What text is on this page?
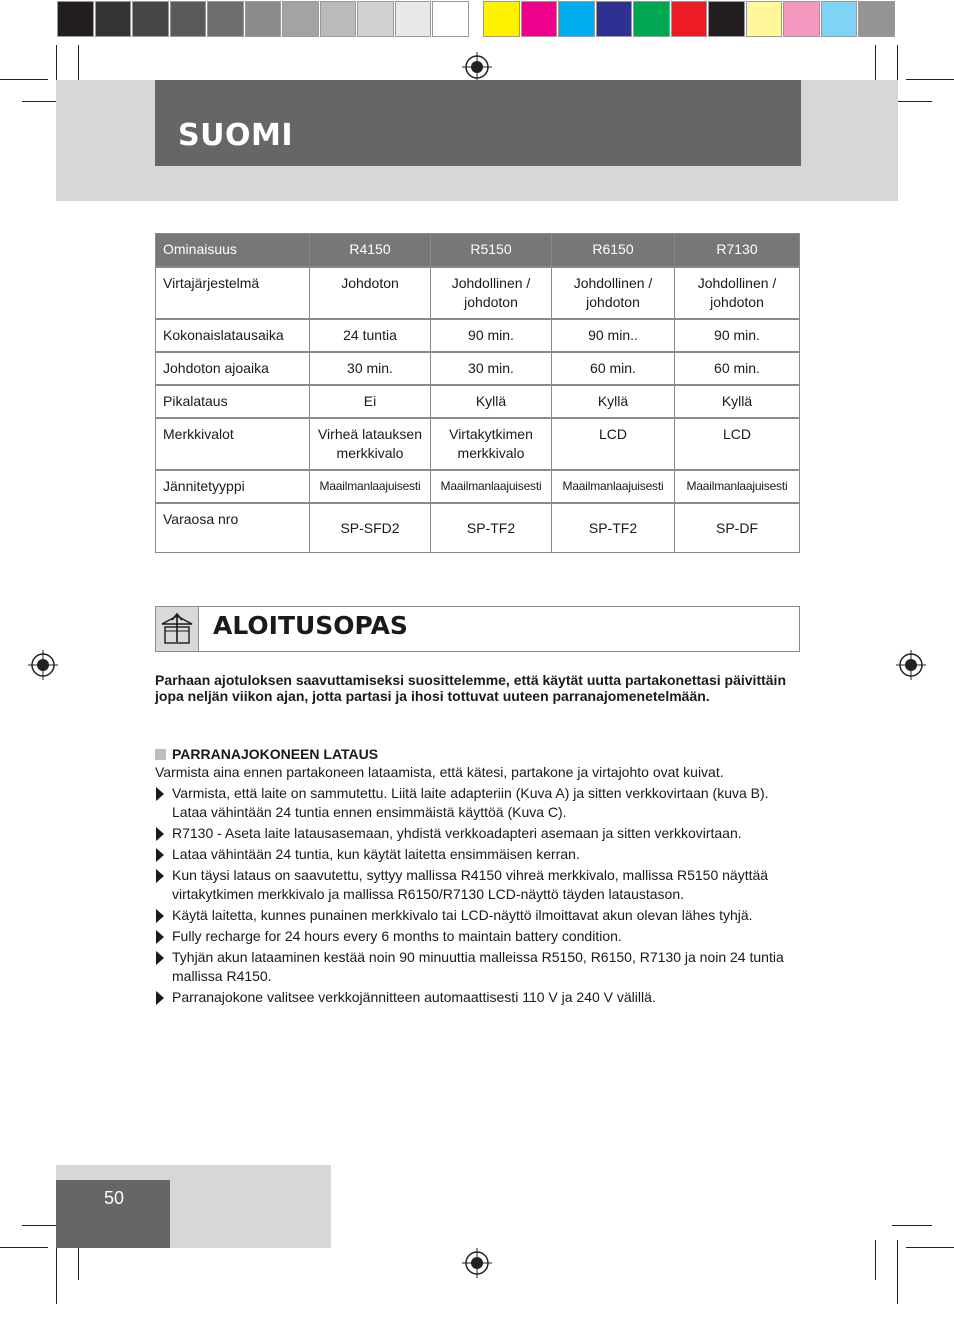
SUOMI
Ominaisuus	R4150	R5150	R6150	R7130
Virtajärjestelmä	Johdoton	Johdollinen / johdoton	Johdollinen / johdoton	Johdollinen / johdoton
Kokonaislatausaika	24 tuntia	90 min.	90 min..	90 min.
Johdoton ajoaika	30 min.	30 min.	60 min.	60 min.
Pikalataus	Ei	Kyllä	Kyllä	Kyllä
Merkkivalot	Virheä latauksen merkkivalo	Virtakytkimen merkkivalo	LCD	LCD
Jännitetyyppi	Maailmanlaajuisesti	Maailmanlaajuisesti	Maailmanlaajuisesti	Maailmanlaajuisesti
Varaosa nro	SP-SFD2	SP-TF2	SP-TF2	SP-DF
ALOITUSOPAS

Parhaan ajotuloksen saavuttamiseksi suosittelemme, että käytät uutta partakonettasi päivittäin jopa neljän viikon ajan, jotta partasi ja ihosi tottuvat uuteen parranajomenetelmään.

PARRANAJOKONEEN LATAUS

Varmista aina ennen partakoneen lataamista, että kätesi, partakone ja virtajohto ovat kuivat.

Varmista, että laite on sammutettu. Liitä laite adapteriin (Kuva A) ja sitten verkkovirtaan (kuva B). Lataa vähintään 24 tuntia ennen ensimmäistä käyttöä (Kuva C).
R7130 - Aseta laite latausasemaan, yhdistä verkkoadapteri asemaan ja sitten verkkovirtaan.
Lataa vähintään 24 tuntia, kun käytät laitetta ensimmäisen kerran.
Kun täysi lataus on saavutettu, syttyy mallissa R4150 vihreä merkkivalo, mallissa R5150 näyttää virtakytkimen merkkivalo ja mallissa R6150/R7130 LCD-näyttö täyden lataustason.
Käytä laitetta, kunnes punainen merkkivalo tai LCD-näyttö ilmoittavat akun olevan lähes tyhjä.
Fully recharge for 24 hours every 6 months to maintain battery condition.
Tyhjän akun lataaminen kestää noin 90 minuuttia malleissa R5150, R6150, R7130 ja noin 24 tuntia mallissa R4150.
Parranajokone valitsee verkkojännitteen automaattisesti 110 V ja 240 V välillä.

50
